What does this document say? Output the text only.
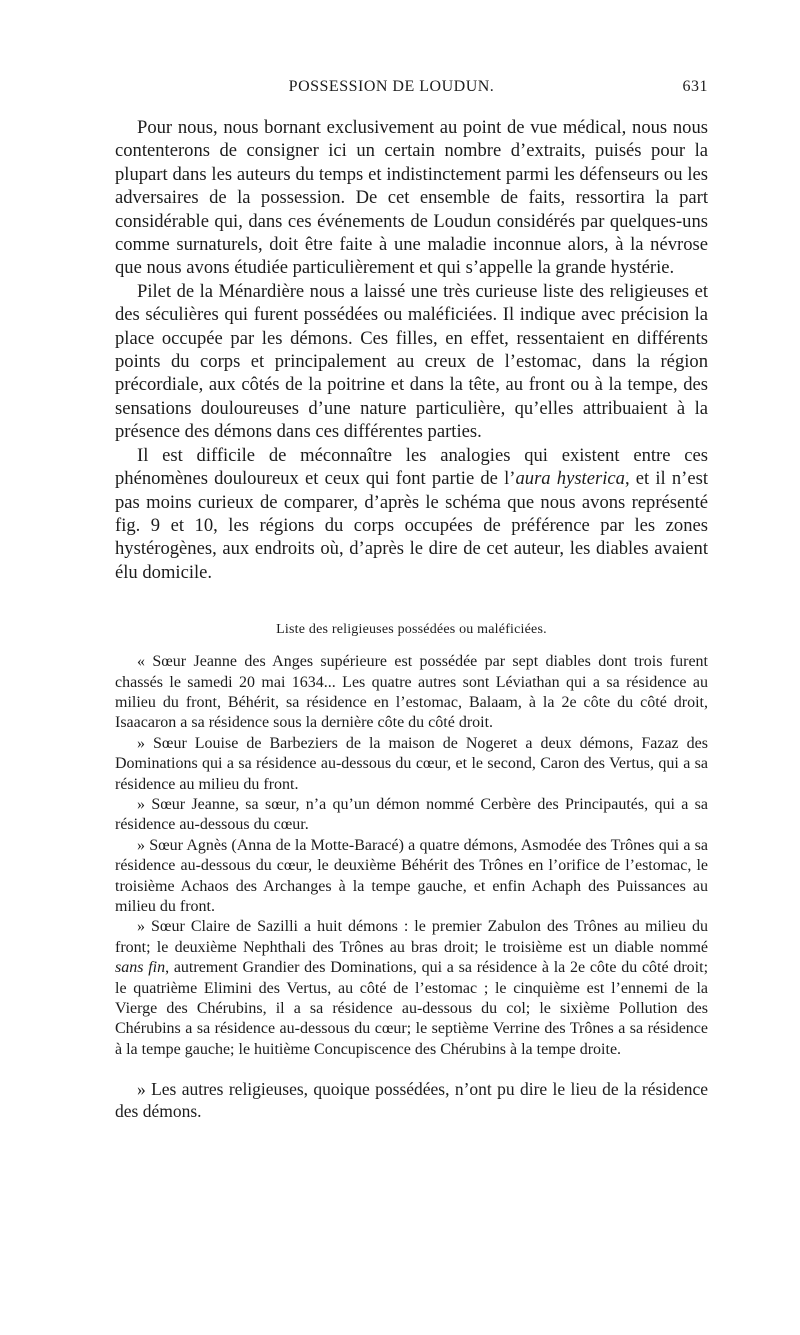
POSSESSION DE LOUDUN.	631

Pour nous, nous bornant exclusivement au point de vue médical, nous nous contenterons de consigner ici un certain nombre d’extraits, puisés pour la plupart dans les auteurs du temps et indistinctement parmi les défenseurs ou les adversaires de la possession. De cet ensemble de faits, ressortira la part considérable qui, dans ces événements de Loudun considérés par quelques-uns comme surnaturels, doit être faite à une maladie inconnue alors, à la névrose que nous avons étudiée particulièrement et qui s’appelle la grande hystérie.

Pilet de la Ménardière nous a laissé une très curieuse liste des religieuses et des séculières qui furent possédées ou maléficiées. Il indique avec précision la place occupée par les démons. Ces filles, en effet, ressentaient en différents points du corps et principalement au creux de l’estomac, dans la région précordiale, aux côtés de la poitrine et dans la tête, au front ou à la tempe, des sensations douloureuses d’une nature particulière, qu’elles attribuaient à la présence des démons dans ces différentes parties.

Il est difficile de méconnaître les analogies qui existent entre ces phénomènes douloureux et ceux qui font partie de l’aura hysterica, et il n’est pas moins curieux de comparer, d’après le schéma que nous avons représenté fig. 9 et 10, les régions du corps occupées de préférence par les zones hystérogènes, aux endroits où, d’après le dire de cet auteur, les diables avaient élu domicile.

Liste des religieuses possédées ou maléficiées.

« Sœur Jeanne des Anges supérieure est possédée par sept diables dont trois furent chassés le samedi 20 mai 1634... Les quatre autres sont Léviathan qui a sa résidence au milieu du front, Béhérit, sa résidence en l’estomac, Balaam, à la 2e côte du côté droit, Isaacaron a sa résidence sous la dernière côte du côté droit.

» Sœur Louise de Barbeziers de la maison de Nogeret a deux démons, Fazaz des Dominations qui a sa résidence au-dessous du cœur, et le second, Caron des Vertus, qui a sa résidence au milieu du front.

» Sœur Jeanne, sa sœur, n’a qu’un démon nommé Cerbère des Principautés, qui a sa résidence au-dessous du cœur.

» Sœur Agnès (Anna de la Motte-Baracé) a quatre démons, Asmodée des Trônes qui a sa résidence au-dessous du cœur, le deuxième Béhérit des Trônes en l’orifice de l’estomac, le troisième Achaos des Archanges à la tempe gauche, et enfin Achaph des Puissances au milieu du front.

» Sœur Claire de Sazilli a huit démons : le premier Zabulon des Trônes au milieu du front; le deuxième Nephthali des Trônes au bras droit; le troisième est un diable nommé sans fin, autrement Grandier des Dominations, qui a sa résidence à la 2e côte du côté droit; le quatrième Elimini des Vertus, au côté de l’estomac ; le cinquième est l’ennemi de la Vierge des Chérubins, il a sa résidence au-dessous du col; le sixième Pollution des Chérubins a sa résidence au-dessous du cœur; le septième Verrine des Trônes a sa résidence à la tempe gauche; le huitième Concupiscence des Chérubins à la tempe droite.

» Les autres religieuses, quoique possédées, n’ont pu dire le lieu de la résidence des démons.
